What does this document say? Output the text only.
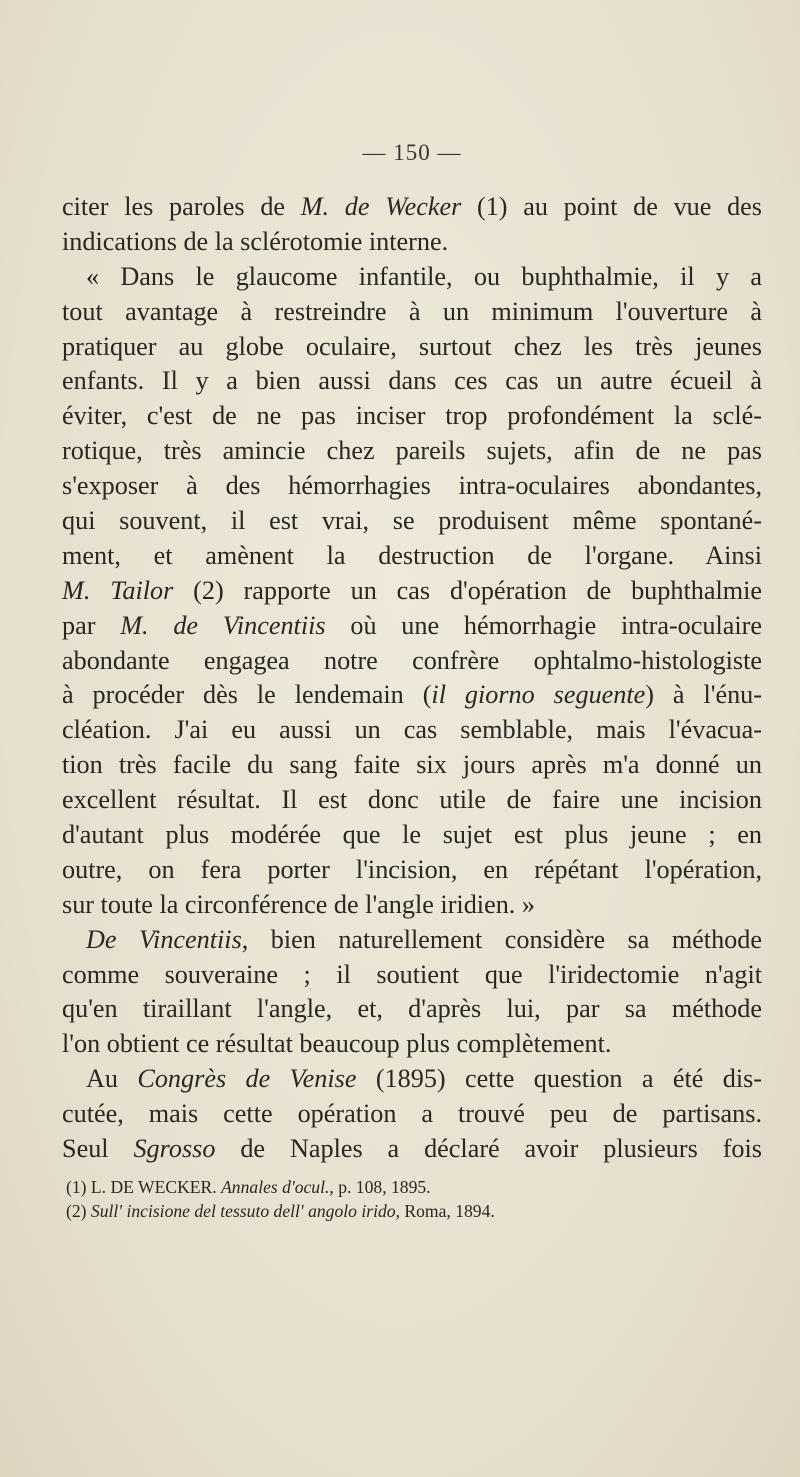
— 150 —
citer les paroles de M. de Wecker (1) au point de vue des
indications de la sclérotomie interne.
« Dans le glaucome infantile, ou buphthalmie, il y a
tout avantage à restreindre à un minimum l'ouverture à
pratiquer au globe oculaire, surtout chez les très jeunes
enfants. Il y a bien aussi dans ces cas un autre écueil à
éviter, c'est de ne pas inciser trop profondément la sclé-
rotique, très amincie chez pareils sujets, afin de ne pas
s'exposer à des hémorrhagies intra-oculaires abondantes,
qui souvent, il est vrai, se produisent même spontané-
ment, et amènent la destruction de l'organe. Ainsi
M. Tailor (2) rapporte un cas d'opération de buphthalmie
par M. de Vincentiis où une hémorrhagie intra-oculaire
abondante engagea notre confrère ophtalmo-histologiste
à procéder dès le lendemain (il giorno seguente) à l'énu-
cléation. J'ai eu aussi un cas semblable, mais l'évacua-
tion très facile du sang faite six jours après m'a donné un
excellent résultat. Il est donc utile de faire une incision
d'autant plus modérée que le sujet est plus jeune ; en
outre, on fera porter l'incision, en répétant l'opération,
sur toute la circonférence de l'angle iridien. »
De Vincentiis, bien naturellement considère sa méthode
comme souveraine ; il soutient que l'iridectomie n'agit
qu'en tiraillant l'angle, et, d'après lui, par sa méthode
l'on obtient ce résultat beaucoup plus complètement.
Au Congrès de Venise (1895) cette question a été dis-
cutée, mais cette opération a trouvé peu de partisans.
Seul Sgrosso de Naples a déclaré avoir plusieurs fois
(1) L. DE WECKER. Annales d'ocul., p. 108, 1895.
(2) Sull' incisione del tessuto dell' angolo irido, Roma, 1894.
